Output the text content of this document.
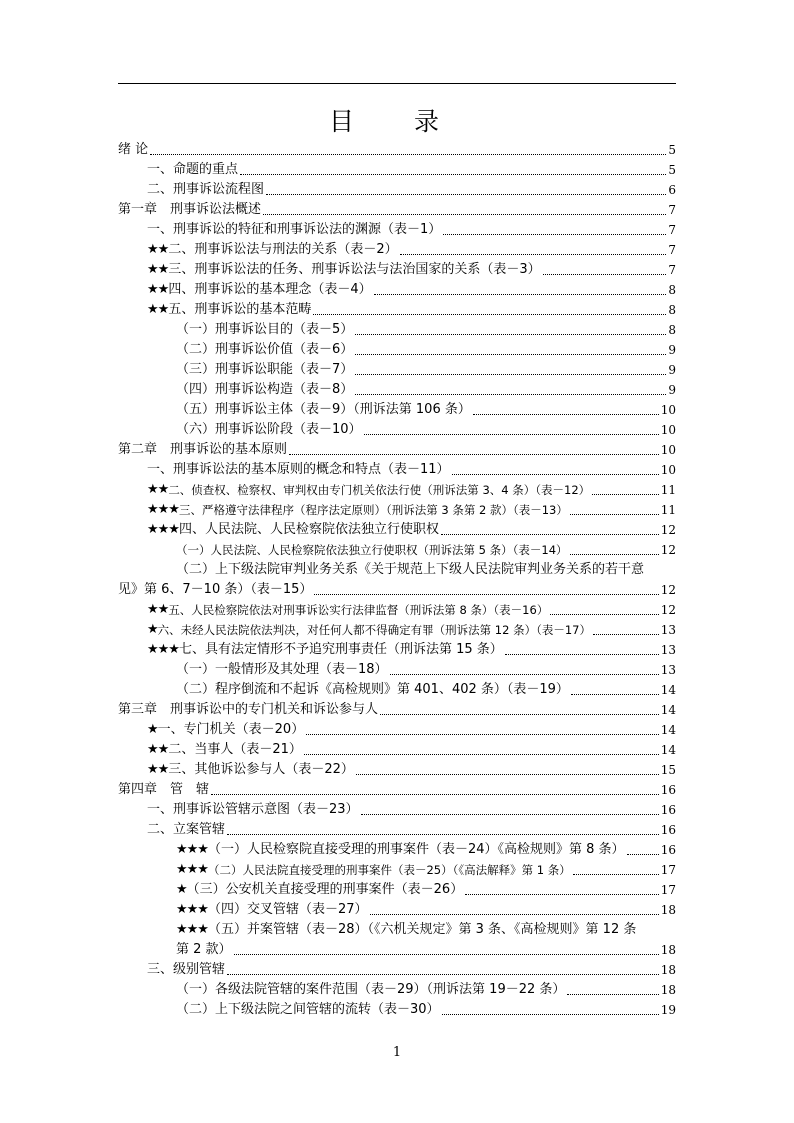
目 录
绪 论	5
一、命题的重点	5
二、刑事诉讼流程图	6
第一章　刑事诉讼法概述	7
一、刑事诉讼的特征和刑事诉讼法的渊源（表－1）	7
★★ 二、刑事诉讼法与刑法的关系（表－2）	7
★★ 三、刑事诉讼法的任务、刑事诉讼法与法治国家的关系（表－3）	7
★★ 四、刑事诉讼的基本理念（表－4）	8
★★ 五、刑事诉讼的基本范畴	8
（一）刑事诉讼目的（表－5）	8
（二）刑事诉讼价值（表－6）	9
（三）刑事诉讼职能（表－7）	9
（四）刑事诉讼构造（表－8）	9
（五）刑事诉讼主体（表－9）（刑诉法第 106 条）	10
（六）刑事诉讼阶段（表－10）	10
第二章　刑事诉讼的基本原则	10
一、刑事诉讼法的基本原则的概念和特点（表－11）	10
★★ 二、侦查权、检察权、审判权由专门机关依法行使（刑诉法第 3、4 条）（表－12）	11
★★★ 三、严格遵守法律程序（程序法定原则）（刑诉法第 3 条第 2 款）（表－13）	11
★★★ 四、人民法院、人民检察院依法独立行使职权	12
（一）人民法院、人民检察院依法独立行使职权（刑诉法第 5 条）（表－14）	12
（二）上下级法院审判业务关系《关于规范上下级人民法院审判业务关系的若干意
见》第 6、7－10 条）（表－15）	12
★★ 五、人民检察院依法对刑事诉讼实行法律监督（刑诉法第 8 条）（表－16）	12
★ 六、未经人民法院依法判决，对任何人都不得确定有罪（刑诉法第 12 条）（表－17）	13
★★★ 七、具有法定情形不予追究刑事责任（刑诉法第 15 条）	13
（一）一般情形及其处理（表－18）	13
（二）程序倒流和不起诉《高检规则》第 401、402 条）（表－19）	14
第三章　刑事诉讼中的专门机关和诉讼参与人	14
★ 一、专门机关（表－20）	14
★★ 二、当事人（表－21）	14
★★ 三、其他诉讼参与人（表－22）	15
第四章　管　辖	16
一、刑事诉讼管辖示意图（表－23）	16
二、立案管辖	16
★★★ （一）人民检察院直接受理的刑事案件（表－24）《高检规则》第 8 条）	16
★★★ （二）人民法院直接受理的刑事案件（表－25）（《高法解释》第 1 条）	17
★ （三）公安机关直接受理的刑事案件（表－26）	17
★★★ （四）交叉管辖（表－27）	18
★★★（五）并案管辖（表－28）（《六机关规定》第 3 条、《高检规则》第 12 条
第 2 款）	18
三、级别管辖	18
（一）各级法院管辖的案件范围（表－29）（刑诉法第 19－22 条）	18
（二）上下级法院之间管辖的流转（表－30）	19
1
